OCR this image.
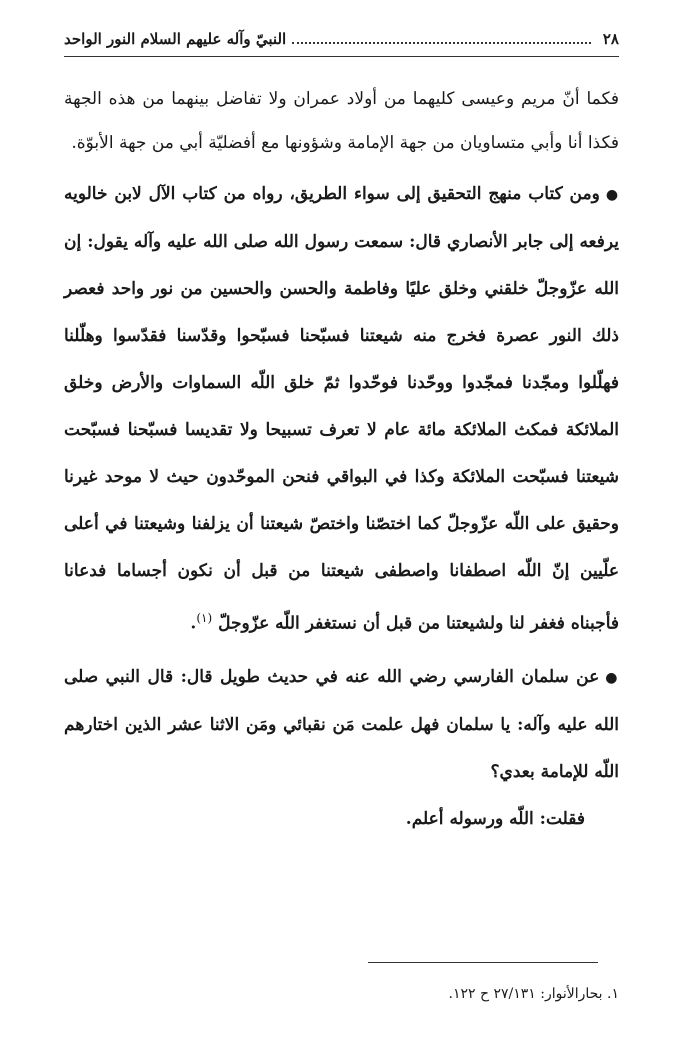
٢٨
النبيّ وآله عليهم السلام النور الواحد

فكما أنّ مريم وعيسى كليهما من أولاد عمران ولا تفاضل بينهما من هذه الجهة فكذا أنا وأبي متساويان من جهة الإمامة وشؤونها مع أفضليّة أبي من جهة الأبوّة.

●ومن كتاب منهج التحقيق إلى سواء الطريق، رواه من كتاب الآل لابن خالويه يرفعه إلى جابر الأنصاري قال: سمعت رسول الله صلى الله عليه وآله يقول: إن الله عزّوجلّ خلقني وخلق عليًا وفاطمة والحسن والحسين من نور واحد فعصر ذلك النور عصرة فخرج منه شيعتنا فسبّحنا فسبّحوا وقدّسنا فقدّسوا وهلّلنا فهلّلوا ومجّدنا فمجّدوا ووحّدنا فوحّدوا ثمّ خلق اللّه السماوات والأرض وخلق الملائكة فمكث الملائكة مائة عام لا تعرف تسبيحا ولا تقديسا فسبّحنا فسبّحت شيعتنا فسبّحت الملائكة وكذا في البواقي فنحن الموحّدون حيث لا موحد غيرنا وحقيق على اللّه عزّوجلّ كما اختصّنا واختصّ شيعتنا أن يزلفنا وشيعتنا في أعلى علّيين إنّ اللّه اصطفانا واصطفى شيعتنا من قبل أن نكون أجساما فدعانا فأجبناه فغفر لنا ولشيعتنا من قبل أن نستغفر اللّه عزّوجلّ $^{(١)}$.

●عن سلمان الفارسي رضي الله عنه في حديث طويل قال: قال النبي صلى الله عليه وآله: يا سلمان فهل علمت مَن نقبائي ومَن الاثنا عشر الذين اختارهم اللّه للإمامة بعدي؟

فقلت: اللّه ورسوله أعلم.

١. بحارالأنوار: ٢٧/١٣١ ح ١٢٢.
